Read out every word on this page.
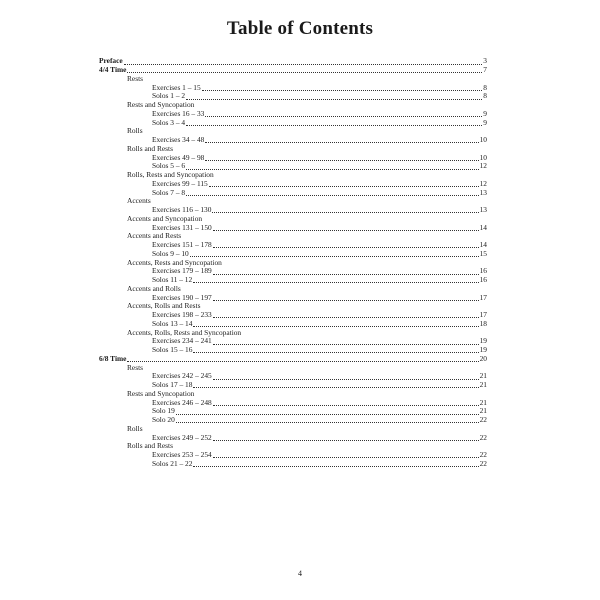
Table of Contents
Preface	3
4/4 Time	7
Rests
Exercises 1 – 15	8
Solos 1 – 2	8
Rests and Syncopation
Exercises 16 – 33	9
Solos 3 – 4	9
Rolls
Exercises 34 – 48	10
Rolls and Rests
Exercises 49 – 98	10
Solos 5 – 6	12
Rolls, Rests and Syncopation
Exercises 99 – 115	12
Solos 7 – 8	13
Accents
Exercises 116 – 130	13
Accents and Syncopation
Exercises 131 – 150	14
Accents and Rests
Exercises 151 – 178	14
Solos 9 – 10	15
Accents, Rests and Syncopation
Exercises 179 – 189	16
Solos 11 – 12	16
Accents and Rolls
Exercises 190 – 197	17
Accents, Rolls and Rests
Exercises 198 – 233	17
Solos 13 – 14	18
Accents, Rolls, Rests and Syncopation
Exercises 234 – 241	19
Solos 15 – 16	19
6/8 Time	20
Rests
Exercises 242 – 245	21
Solos 17 – 18	21
Rests and Syncopation
Exercises 246 – 248	21
Solo 19	21
Solo 20	22
Rolls
Exercises 249 – 252	22
Rolls and Rests
Exercises 253 – 254	22
Solos 21 – 22	22
4
